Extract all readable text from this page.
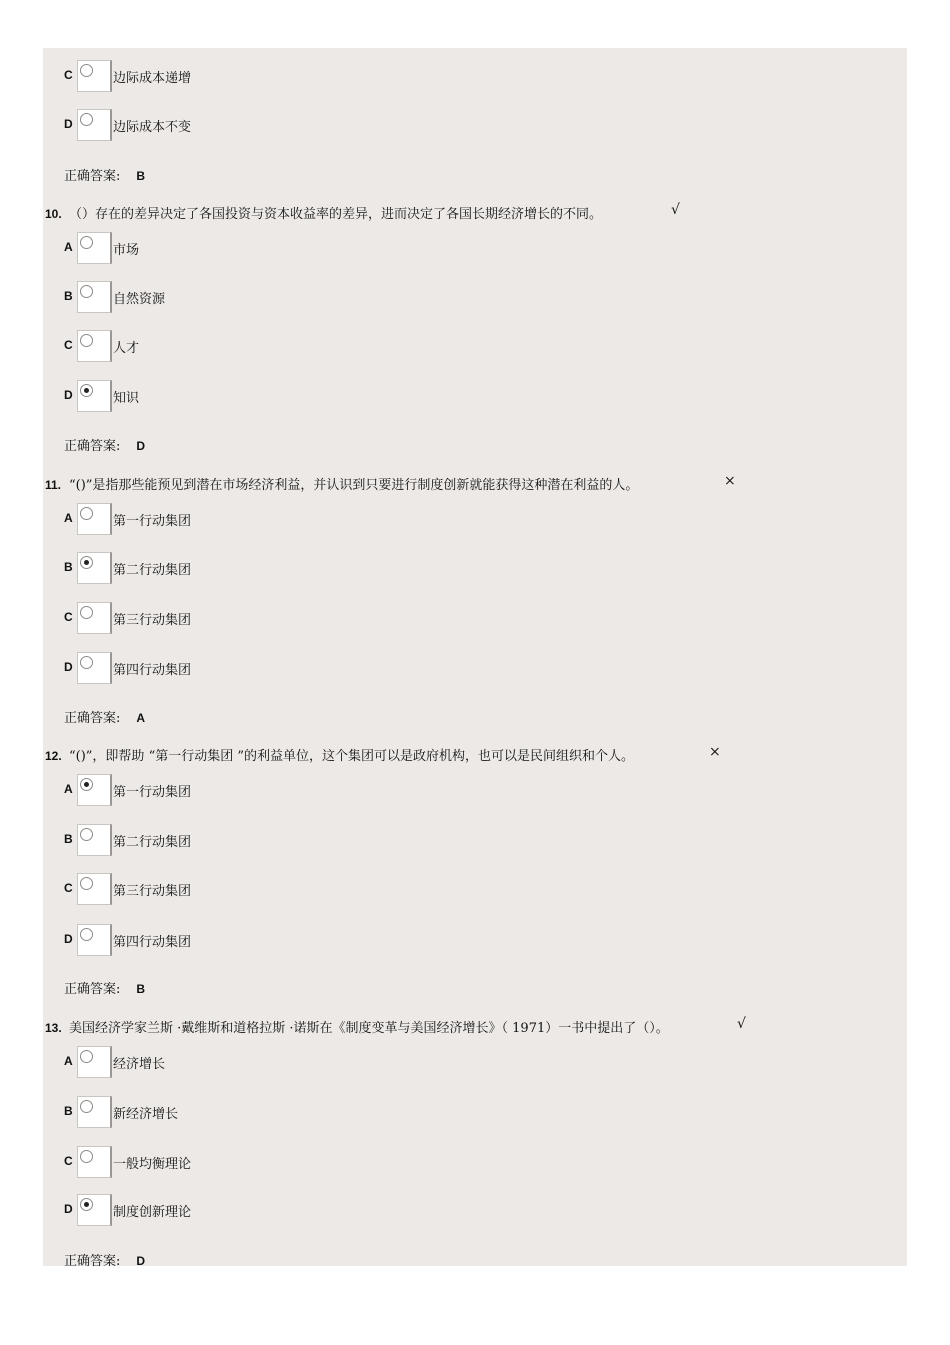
C	边际成本递增
D	边际成本不变
正确答案: B
10. （）存在的差异决定了各国投资与资本收益率的差异，进而决定了各国长期经济增长的不同。	√
A	市场
B	自然资源
C	人才
D	知识
正确答案: D
11. “()”是指那些能预见到潜在市场经济利益，并认识到只要进行制度创新就能获得这种潜在利益的人。	×
A	第一行动集团
B	第二行动集团
C	第三行动集团
D	第四行动集团
正确答案: A
12. “()”，即帮助 “第一行动集团 ”的利益单位，这个集团可以是政府机构，也可以是民间组织和个人。	×
A	第一行动集团
B	第二行动集团
C	第三行动集团
D	第四行动集团
正确答案: B
13. 美国经济学家兰斯 ·戴维斯和道格拉斯 ·诺斯在《制度变革与美国经济增长》（ 1971）一书中提出了（）。	√
A	经济增长
B	新经济增长
C	一般均衡理论
D	制度创新理论
正确答案: D
